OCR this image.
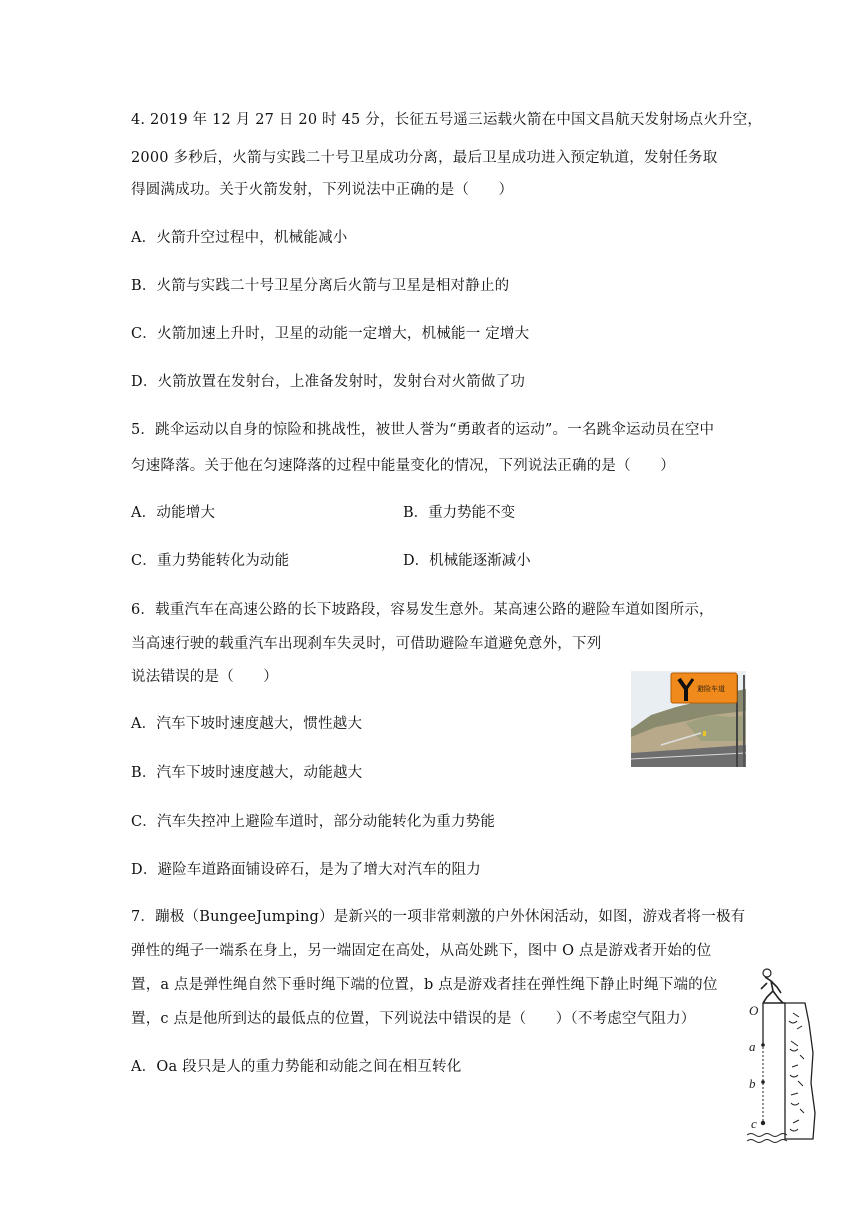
4. 2019 年 12 月 27 日 20 时 45 分，长征五号遥三运载火箭在中国文昌航天发射场点火升空，
2000 多秒后，火箭与实践二十号卫星成功分离，最后卫星成功进入预定轨道，发射任务取
得圆满成功。关于火箭发射，下列说法中正确的是（　　）
A．火箭升空过程中，机械能减小
B．火箭与实践二十号卫星分离后火箭与卫星是相对静止的
C．火箭加速上升时，卫星的动能一定增大，机械能一 定增大
D．火箭放置在发射台，上准备发射时，发射台对火箭做了功
5．跳伞运动以自身的惊险和挑战性，被世人誉为“勇敢者的运动”。一名跳伞运动员在空中
匀速降落。关于他在匀速降落的过程中能量变化的情况，下列说法正确的是（　　）
A．动能增大	B．重力势能不变
C．重力势能转化为动能	D．机械能逐渐减小
6．载重汽车在高速公路的长下坡路段，容易发生意外。某高速公路的避险车道如图所示，
当高速行驶的载重汽车出现刹车失灵时，可借助避险车道避免意外，下列
说法错误的是（　　）
A．汽车下坡时速度越大，惯性越大
B．汽车下坡时速度越大，动能越大
C．汽车失控冲上避险车道时，部分动能转化为重力势能
D．避险车道路面铺设碎石，是为了增大对汽车的阻力
避险车道
7．蹦极（BungeeJumping）是新兴的一项非常刺激的户外休闲活动，如图，游戏者将一极有
弹性的绳子一端系在身上，另一端固定在高处，从高处跳下，图中 O 点是游戏者开始的位
置，a 点是弹性绳自然下垂时绳下端的位置，b 点是游戏者挂在弹性绳下静止时绳下端的位
置，c 点是他所到达的最低点的位置，下列说法中错误的是（　　）（不考虑空气阻力）
A．Oa 段只是人的重力势能和动能之间在相互转化
O
a
b
c
